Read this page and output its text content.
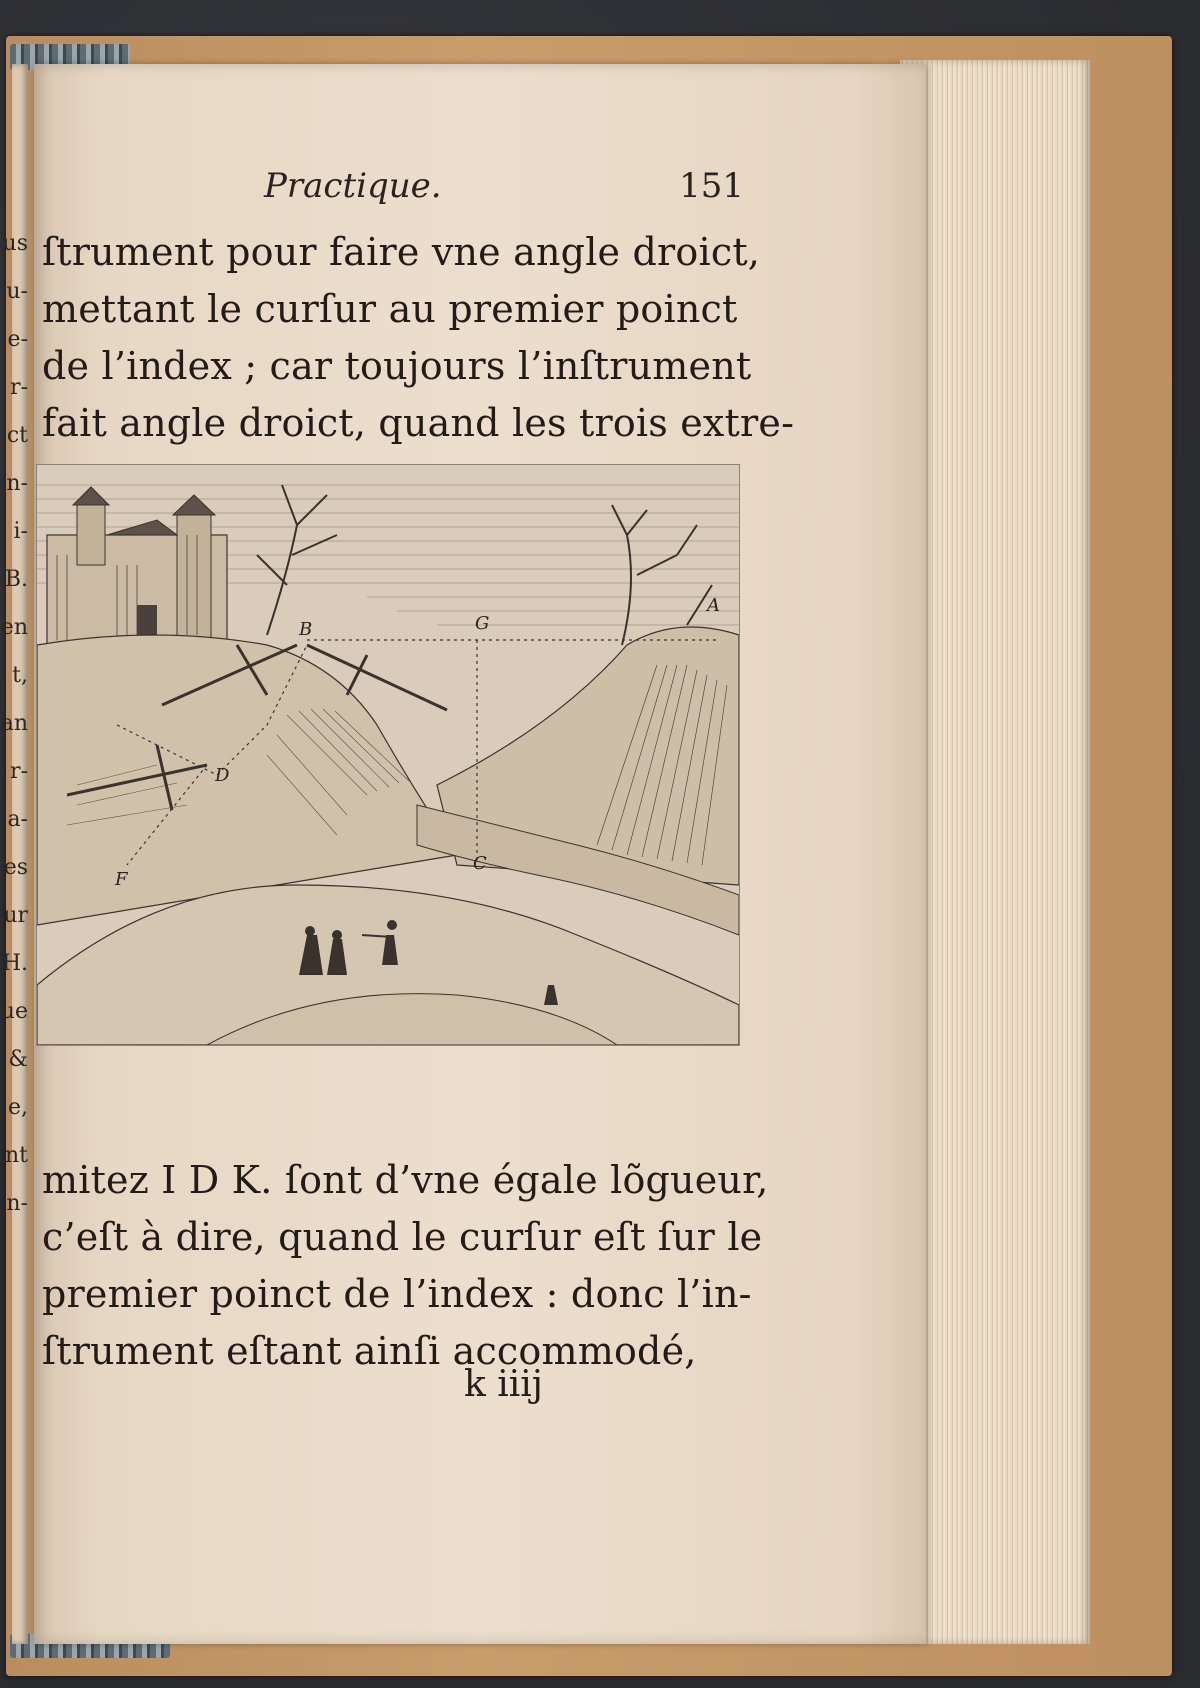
us
u-
e-
r-
ct
n-
i-
B.
en
t,
an
r-
a-
es
ur
H.
ue
&
e,
nt
n-
Practique.	151
ſtrument pour faire vne angle droict,
mettant le curſur au premier poinct
de l’index ; car toujours l’inſtrument
fait angle droict, quand les trois extre-
B	G
A
D
F
C
mitez I D K. ſont d’vne égale lõgueur,
c’eſt à dire, quand le curſur eſt ſur le
premier poinct de l’index : donc l’in-
ſtrument eſtant ainſi accommodé,
k iiij
